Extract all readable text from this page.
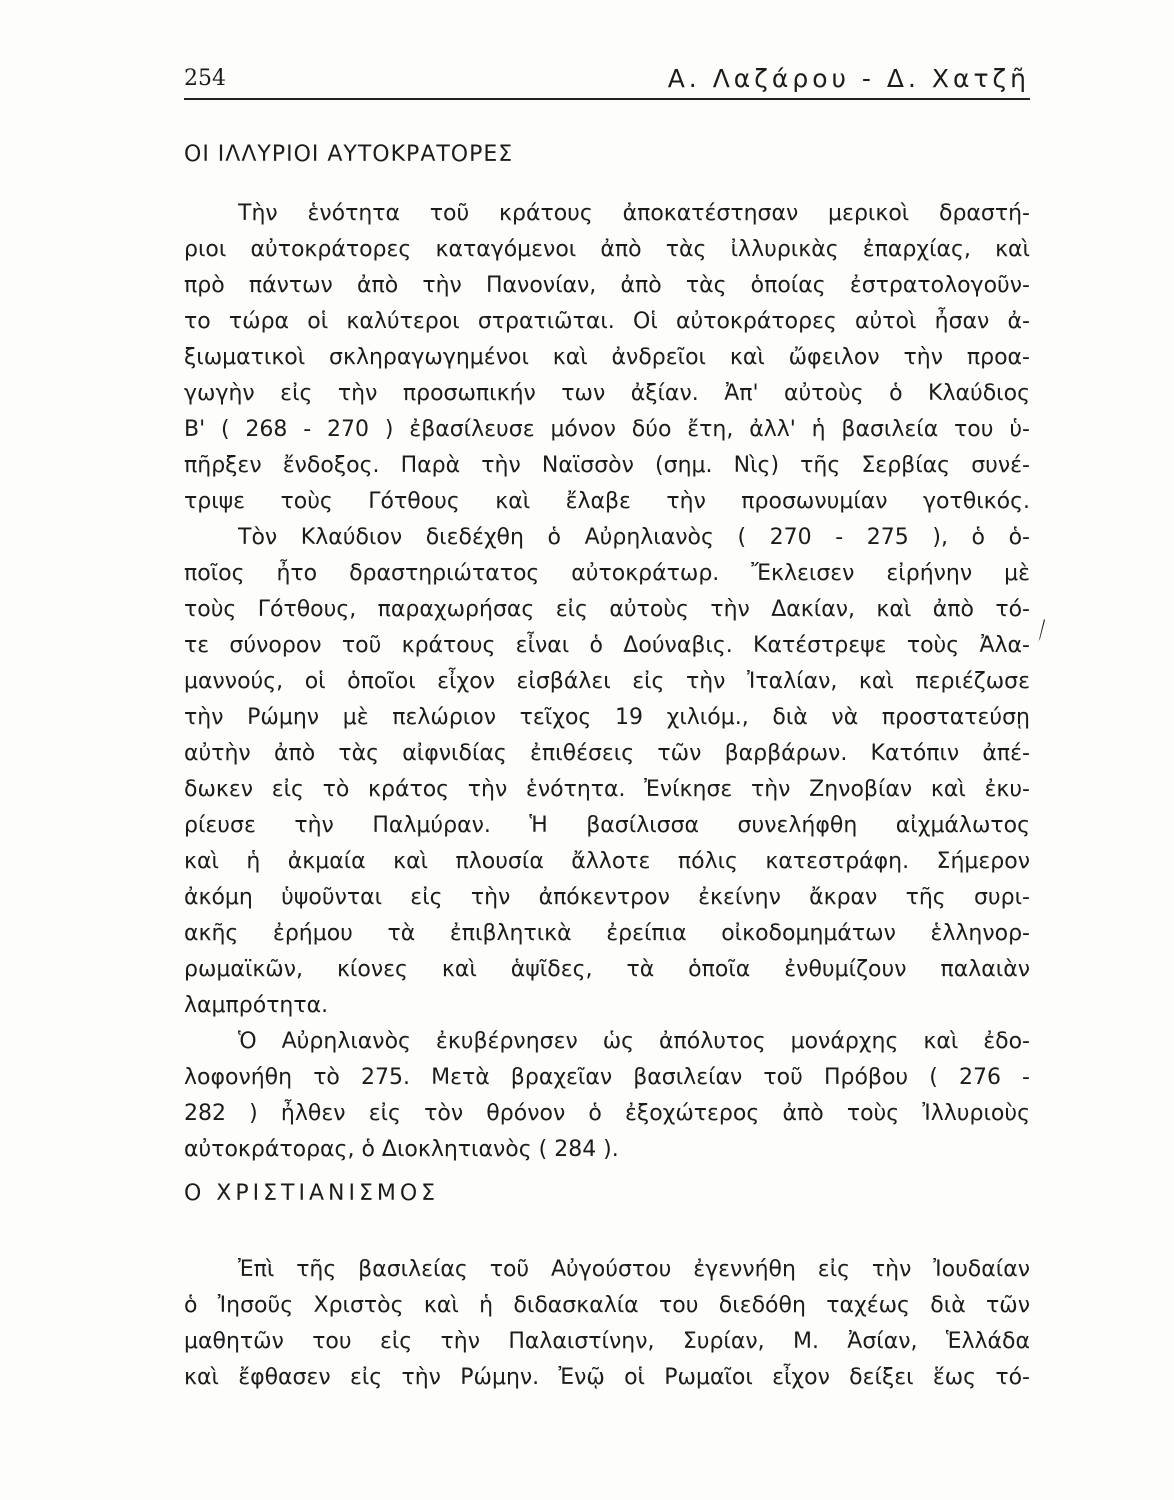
254	Α. Λαζάρου - Δ. Χατζῆ
ΟΙ ΙΛΛΥΡΙΟΙ ΑΥΤΟΚΡΑΤΟΡΕΣ
Τὴν ἑνότητα τοῦ κράτους ἀποκατέστησαν μερικοὶ δραστή-
ριοι αὐτοκράτορες καταγόμενοι ἀπὸ τὰς ἰλλυρικὰς ἐπαρχίας, καὶ
πρὸ πάντων ἀπὸ τὴν Πανονίαν, ἀπὸ τὰς ὁποίας ἐστρατολογοῦν-
το τώρα οἱ καλύτεροι στρατιῶται. Οἱ αὐτοκράτορες αὐτοὶ ἦσαν ἀ-
ξιωματικοὶ σκληραγωγημένοι καὶ ἀνδρεῖοι καὶ ὤφειλον τὴν προα-
γωγὴν εἰς τὴν προσωπικήν των ἀξίαν. Ἀπ' αὐτοὺς ὁ Κλαύδιος
Β' ( 268 - 270 ) ἐβασίλευσε μόνον δύο ἔτη, ἀλλ' ἡ βασιλεία του ὑ-
πῆρξεν ἔνδοξος. Παρὰ τὴν Ναϊσσὸν (σημ. Νὶς) τῆς Σερβίας συνέ-
τριψε τοὺς Γότθους καὶ ἔλαβε τὴν προσωνυμίαν γοτθικός.
Τὸν Κλαύδιον διεδέχθη ὁ Αὐρηλιανὸς ( 270 - 275 ), ὁ ὁ-
ποῖος ἦτο δραστηριώτατος αὐτοκράτωρ. Ἔκλεισεν εἰρήνην μὲ
τοὺς Γότθους, παραχωρήσας εἰς αὐτοὺς τὴν Δακίαν, καὶ ἀπὸ τό-
τε σύνορον τοῦ κράτους εἶναι ὁ Δούναβις. Κατέστρεψε τοὺς Ἀλα-
μαννούς, οἱ ὁποῖοι εἶχον εἰσβάλει εἰς τὴν Ἰταλίαν, καὶ περιέζωσε
τὴν Ρώμην μὲ πελώριον τεῖχος 19 χιλιόμ., διὰ νὰ προστατεύσῃ
αὐτὴν ἀπὸ τὰς αἰφνιδίας ἐπιθέσεις τῶν βαρβάρων. Κατόπιν ἀπέ-
δωκεν εἰς τὸ κράτος τὴν ἑνότητα. Ἐνίκησε τὴν Ζηνοβίαν καὶ ἐκυ-
ρίευσε τὴν Παλμύραν. Ἡ βασίλισσα συνελήφθη αἰχμάλωτος
καὶ ἡ ἀκμαία καὶ πλουσία ἄλλοτε πόλις κατεστράφη. Σήμερον
ἀκόμη ὑψοῦνται εἰς τὴν ἀπόκεντρον ἐκείνην ἄκραν τῆς συρι-
ακῆς ἐρήμου τὰ ἐπιβλητικὰ ἐρείπια οἰκοδομημάτων ἑλληνορ-
ρωμαϊκῶν, κίονες καὶ ἁψῖδες, τὰ ὁποῖα ἐνθυμίζουν παλαιὰν
λαμπρότητα.
Ὁ Αὐρηλιανὸς ἐκυβέρνησεν ὡς ἀπόλυτος μονάρχης καὶ ἐδο-
λοφονήθη τὸ 275. Μετὰ βραχεῖαν βασιλείαν τοῦ Πρόβου ( 276 -
282 ) ἦλθεν εἰς τὸν θρόνον ὁ ἐξοχώτερος ἀπὸ τοὺς Ἰλλυριοὺς
αὐτοκράτορας, ὁ Διοκλητιανὸς ( 284 ).
Ο ΧΡΙΣΤΙΑΝΙΣΜΟΣ
Ἐπὶ τῆς βασιλείας τοῦ Αὐγούστου ἐγεννήθη εἰς τὴν Ἰουδαίαν
ὁ Ἰησοῦς Χριστὸς καὶ ἡ διδασκαλία του διεδόθη ταχέως διὰ τῶν
μαθητῶν του εἰς τὴν Παλαιστίνην, Συρίαν, Μ. Ἀσίαν, Ἑλλάδα
καὶ ἔφθασεν εἰς τὴν Ρώμην. Ἐνῷ οἱ Ρωμαῖοι εἶχον δείξει ἕως τό-
